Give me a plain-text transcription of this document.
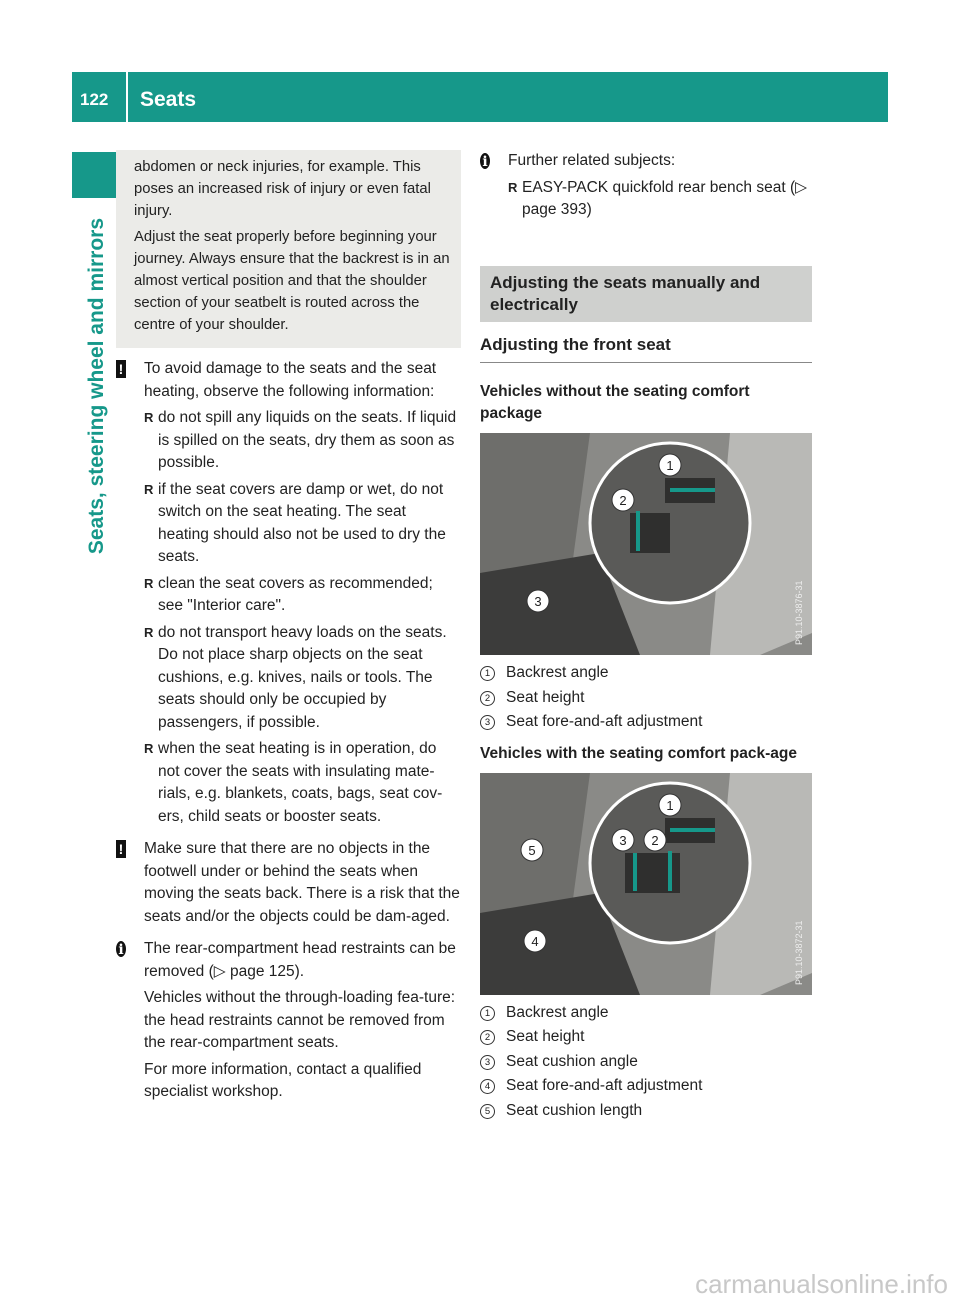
122	Seats
Seats, steering wheel and mirrors

abdomen or neck injuries, for example. This poses an increased risk of injury or even fatal injury.

Adjust the seat properly before beginning your journey. Always ensure that the backrest is in an almost vertical position and that the shoulder section of your seatbelt is routed across the centre of your shoulder.

!	To avoid damage to the seats and the seat heating, observe the following information:

R do not spill any liquids on the seats. If liquid is spilled on the seats, dry them as soon as possible.
R if the seat covers are damp or wet, do not switch on the seat heating. The seat heating should also not be used to dry the seats.
R clean the seat covers as recommended; see "Interior care".
R do not transport heavy loads on the seats. Do not place sharp objects on the seat cushions, e.g. knives, nails or tools. The seats should only be occupied by passengers, if possible.
R when the seat heating is in operation, do not cover the seats with insulating mate-rials, e.g. blankets, coats, bags, seat cov-ers, child seats or booster seats.
!	Make sure that there are no objects in the footwell under or behind the seats when moving the seats back. There is a risk that the seats and/or the objects could be dam-aged.

i	The rear-compartment head restraints can be removed (▷ page 125).

Vehicles without the through-loading fea-ture: the head restraints cannot be removed from the rear-compartment seats.

For more information, contact a qualified specialist workshop.

i	Further related subjects:

R EASY-PACK quickfold rear bench seat (▷ page 393)
Adjusting the seats manually and electrically
Adjusting the front seat
Vehicles without the seating comfort package
1
2
3	P91.10-3876-31
1	Backrest angle
2	Seat height
3	Seat fore-and-aft adjustment
Vehicles with the seating comfort pack-age
1
2
3
4
5
P91.10-3872-31
1	Backrest angle
2	Seat height
3	Seat cushion angle
4	Seat fore-and-aft adjustment
5	Seat cushion length
carmanualsonline.info
